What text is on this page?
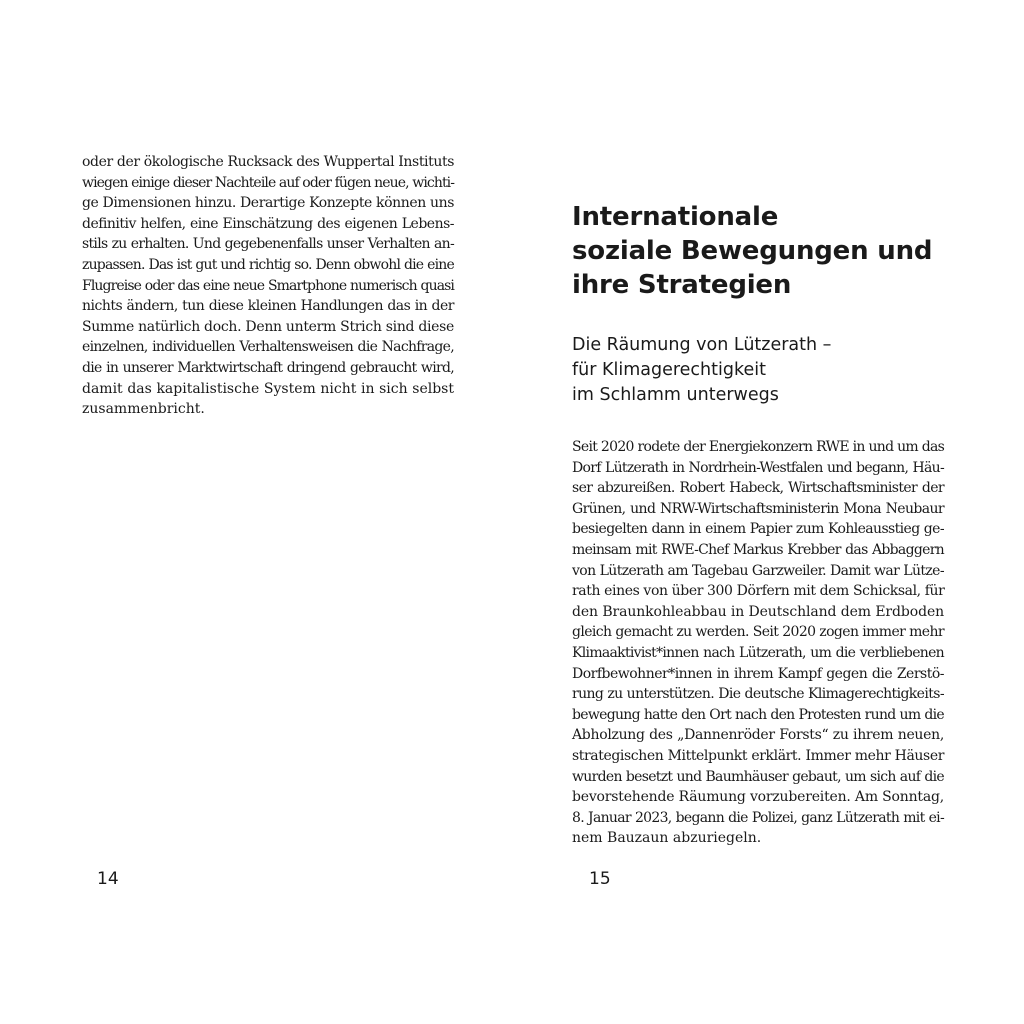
oder der ökologische Rucksack des Wuppertal Instituts
wiegen einige dieser Nachteile auf oder fügen neue, wichti-
ge Dimensionen hinzu. Derartige Konzepte können uns
definitiv helfen, eine Einschätzung des eigenen Lebens-
stils zu erhalten. Und gegebenenfalls unser Verhalten an-
zupassen. Das ist gut und richtig so. Denn obwohl die eine
Flugreise oder das eine neue Smartphone numerisch quasi
nichts ändern, tun diese kleinen Handlungen das in der
Summe natürlich doch. Denn unterm Strich sind diese
einzelnen, individuellen Verhaltensweisen die Nachfrage,
die in unserer Marktwirtschaft dringend gebraucht wird,
damit das kapitalistische System nicht in sich selbst
zusammenbricht.
14
Internationale
soziale Bewegungen und
ihre Strategien
Die Räumung von Lützerath –
für Klimagerechtigkeit
im Schlamm unterwegs
Seit 2020 rodete der Energiekonzern RWE in und um das
Dorf Lützerath in Nordrhein-Westfalen und begann, Häu-
ser abzureißen. Robert Habeck, Wirtschaftsminister der
Grünen, und NRW-Wirtschaftsministerin Mona Neubaur
besiegelten dann in einem Papier zum Kohleausstieg ge-
meinsam mit RWE-Chef Markus Krebber das Abbaggern
von Lützerath am Tagebau Garzweiler. Damit war Lütze-
rath eines von über 300 Dörfern mit dem Schicksal, für
den Braunkohleabbau in Deutschland dem Erdboden
gleich gemacht zu werden. Seit 2020 zogen immer mehr
Klimaaktivist*innen nach Lützerath, um die verbliebenen
Dorfbewohner*innen in ihrem Kampf gegen die Zerstö-
rung zu unterstützen. Die deutsche Klimagerechtigkeits-
bewegung hatte den Ort nach den Protesten rund um die
Abholzung des „Dannenröder Forsts“ zu ihrem neuen,
strategischen Mittelpunkt erklärt. Immer mehr Häuser
wurden besetzt und Baumhäuser gebaut, um sich auf die
bevorstehende Räumung vorzubereiten. Am Sonntag,
8. Januar 2023, begann die Polizei, ganz Lützerath mit ei-
nem Bauzaun abzuriegeln.
15
